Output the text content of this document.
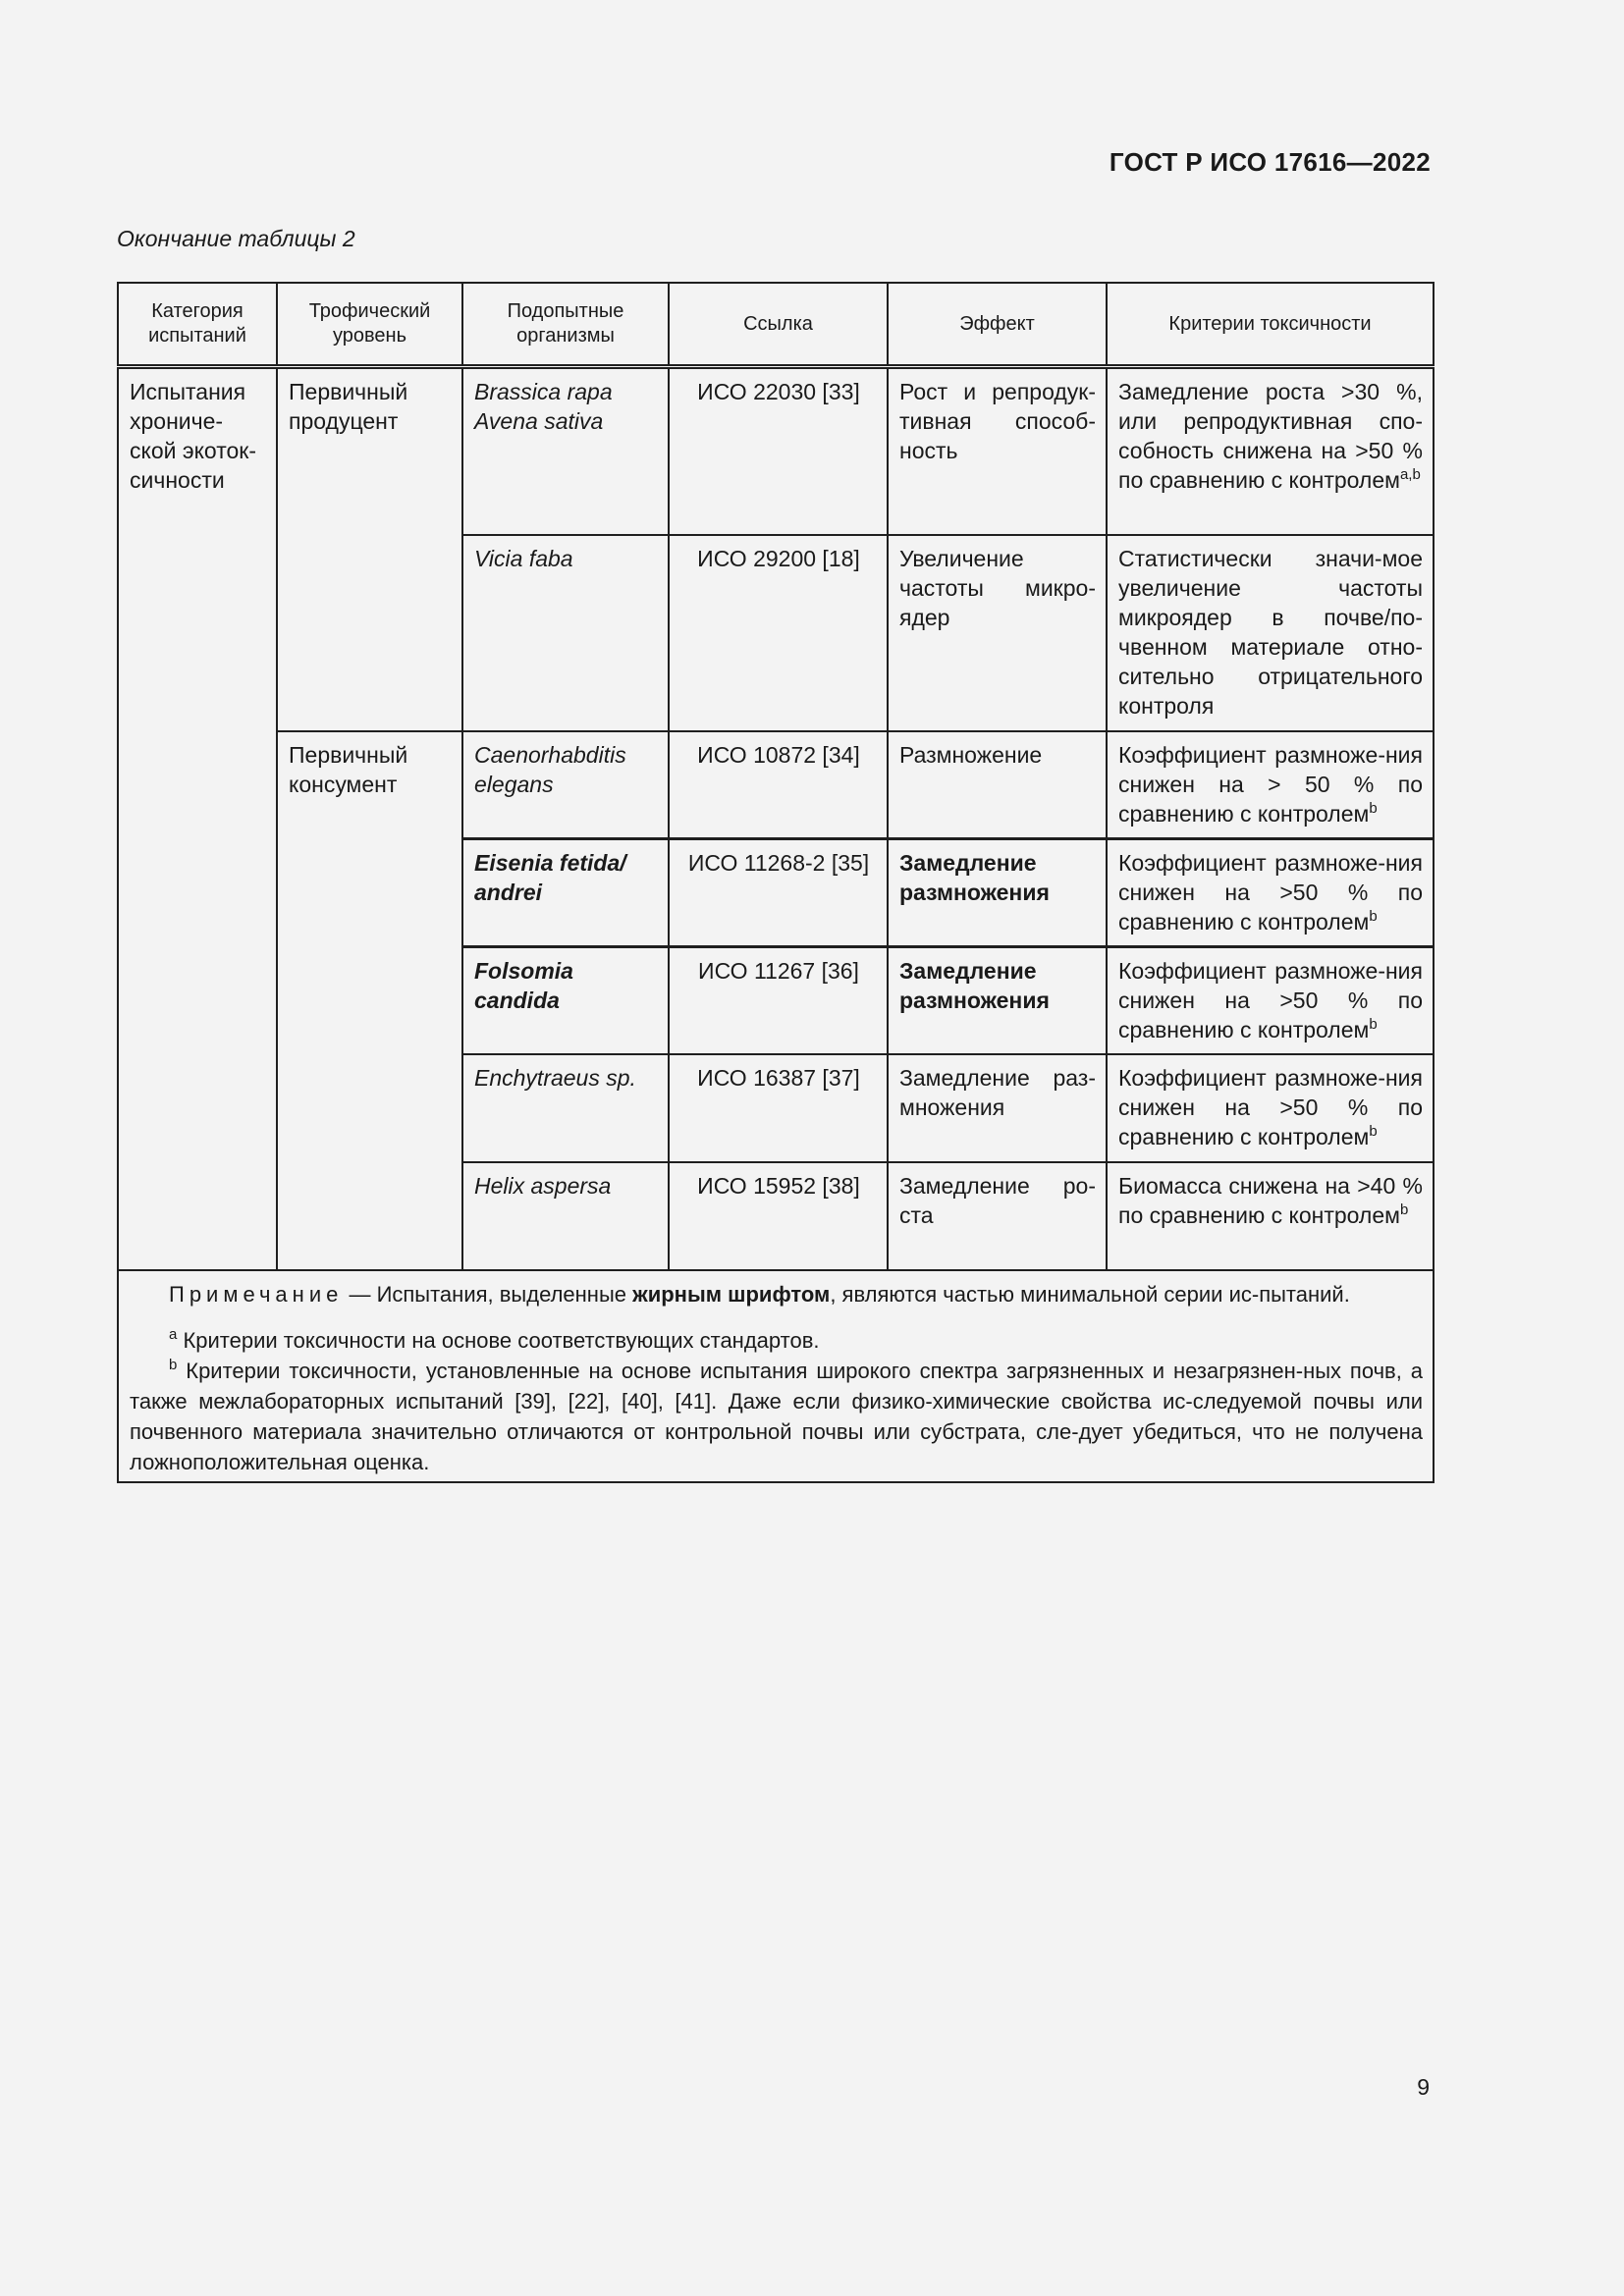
ГОСТ Р ИСО 17616—2022
Окончание таблицы 2
Категория испытаний	Трофический уровень	Подопытные организмы	Ссылка	Эффект	Критерии токсичности
Испытания хрониче-ской экоток-сичности	Первичный продуцент	Brassica rapa Avena sativa	ИСО 22030 [33]	Рост и репродук-тивная способ-ность	Замедление роста >30 %, или репродуктивная спо-собность снижена на >50 % по сравнению с контролем$^{a,b}$
		Vicia faba	ИСО 29200 [18]	Увеличение частоты микро-ядер	Статистически значи-мое увеличение частоты микроядер в почве/по-чвенном материале отно-сительно отрицательного контроля
	Первичный консумент	Caenorhabditis elegans	ИСО 10872 [34]	Размножение	Коэффициент размноже-ния снижен на > 50 % по сравнению с контролем$^b$
		Eisenia fetida/ andrei	ИСО 11268-2 [35]	Замедление размножения	Коэффициент размноже-ния снижен на >50 % по сравнению с контролем$^b$
		Folsomia candida	ИСО 11267 [36]	Замедление размножения	Коэффициент размноже-ния снижен на >50 % по сравнению с контролем$^b$
		Enchytraeus sp.	ИСО 16387 [37]	Замедление раз-множения	Коэффициент размноже-ния снижен на >50 % по сравнению с контролем$^b$
		Helix aspersa	ИСО 15952 [38]	Замедление ро-ста	Биомасса снижена на >40 % по сравнению с контролем$^b$

Примечание — Испытания, выделенные жирным шрифтом, являются частью минимальной серии ис-пытаний.

$^a$ Критерии токсичности на основе соответствующих стандартов.

$^b$ Критерии токсичности, установленные на основе испытания широкого спектра загрязненных и незагрязнен-ных почв, а также межлабораторных испытаний [39], [22], [40], [41]. Даже если физико-химические свойства ис-следуемой почвы или почвенного материала значительно отличаются от контрольной почвы или субстрата, сле-дует убедиться, что не получена ложноположительная оценка.					

9
